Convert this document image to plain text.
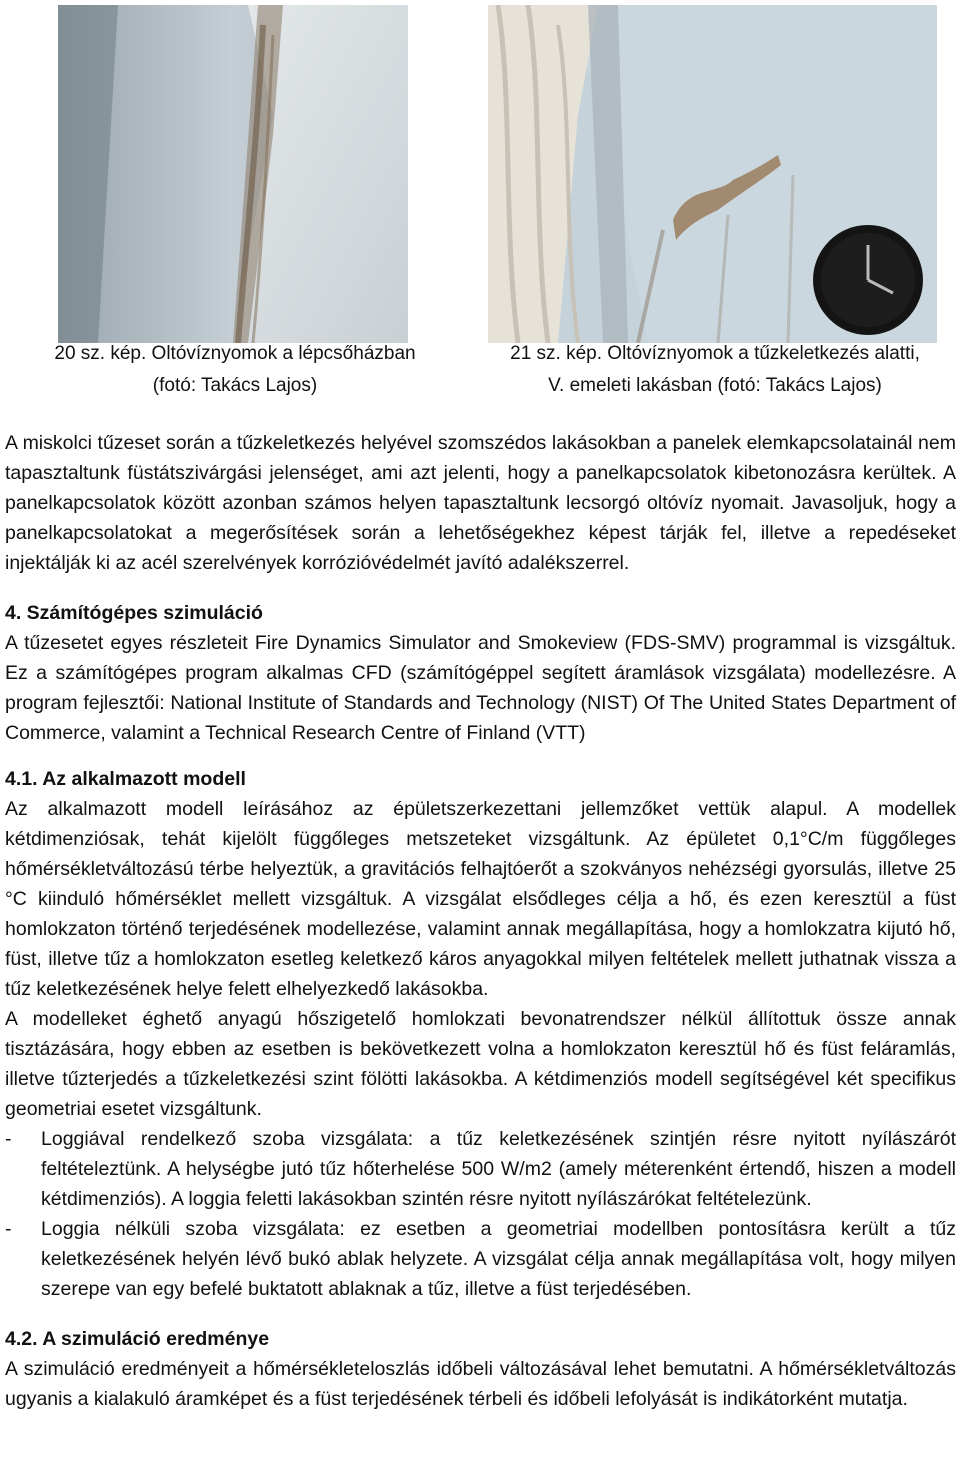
20 sz. kép. Oltóvíznyomok a lépcsőházban
(fotó: Takács Lajos)
21 sz. kép. Oltóvíznyomok a tűzkeletkezés alatti,
V. emeleti lakásban (fotó: Takács Lajos)

A miskolci tűzeset során a tűzkeletkezés helyével szomszédos lakásokban a panelek elemkapcsolatainál nem tapasztaltunk füstátszivárgási jelenséget, ami azt jelenti, hogy a panelkapcsolatok kibetonozásra kerültek. A panelkapcsolatok között azonban számos helyen tapasztaltunk lecsorgó oltóvíz nyomait. Javasoljuk, hogy a panelkapcsolatokat a megerősítések során a lehetőségekhez képest tárják fel, illetve a repedéseket injektálják ki az acél szerelvények korrózióvédelmét javító adalékszerrel.

4. Számítógépes szimuláció

A tűzesetet egyes részleteit Fire Dynamics Simulator and Smokeview (FDS-SMV) programmal is vizsgáltuk. Ez a számítógépes program alkalmas CFD (számítógéppel segített áramlások vizsgálata) modellezésre. A program fejlesztői: National Institute of Standards and Technology (NIST) Of The United States Department of Commerce, valamint a Technical Research Centre of Finland (VTT)

4.1. Az alkalmazott modell

Az alkalmazott modell leírásához az épületszerkezettani jellemzőket vettük alapul. A modellek kétdimenziósak, tehát kijelölt függőleges metszeteket vizsgáltunk. Az épületet 0,1°C/m függőleges hőmérsékletváltozású térbe helyeztük, a gravitációs felhajtóerőt a szokványos nehézségi gyorsulás, illetve 25 °C kiinduló hőmérséklet mellett vizsgáltuk. A vizsgálat elsődleges célja a hő, és ezen keresztül a füst homlokzaton történő terjedésének modellezése, valamint annak megállapítása, hogy a homlokzatra kijutó hő, füst, illetve tűz a homlokzaton esetleg keletkező káros anyagokkal milyen feltételek mellett juthatnak vissza a tűz keletkezésének helye felett elhelyezkedő lakásokba.

A modelleket éghető anyagú hőszigetelő homlokzati bevonatrendszer nélkül állítottuk össze annak tisztázására, hogy ebben az esetben is bekövetkezett volna a homlokzaton keresztül hő és füst feláramlás, illetve tűzterjedés a tűzkeletkezési szint fölötti lakásokba. A kétdimenziós modell segítségével két specifikus geometriai esetet vizsgáltunk.

- Loggiával rendelkező szoba vizsgálata: a tűz keletkezésének szintjén résre nyitott nyílászárót feltételeztünk. A helységbe jutó tűz hőterhelése 500 W/m2 (amely méterenként értendő, hiszen a modell kétdimenziós). A loggia feletti lakásokban szintén résre nyitott nyílászárókat feltételezünk.
- Loggia nélküli szoba vizsgálata: ez esetben a geometriai modellben pontosításra került a tűz keletkezésének helyén lévő bukó ablak helyzete. A vizsgálat célja annak megállapítása volt, hogy milyen szerepe van egy befelé buktatott ablaknak a tűz, illetve a füst terjedésében.
4.2. A szimuláció eredménye

A szimuláció eredményeit a hőmérsékleteloszlás időbeli változásával lehet bemutatni. A hőmérsékletváltozás ugyanis a kialakuló áramképet és a füst terjedésének térbeli és időbeli lefolyását is indikátorként mutatja.
